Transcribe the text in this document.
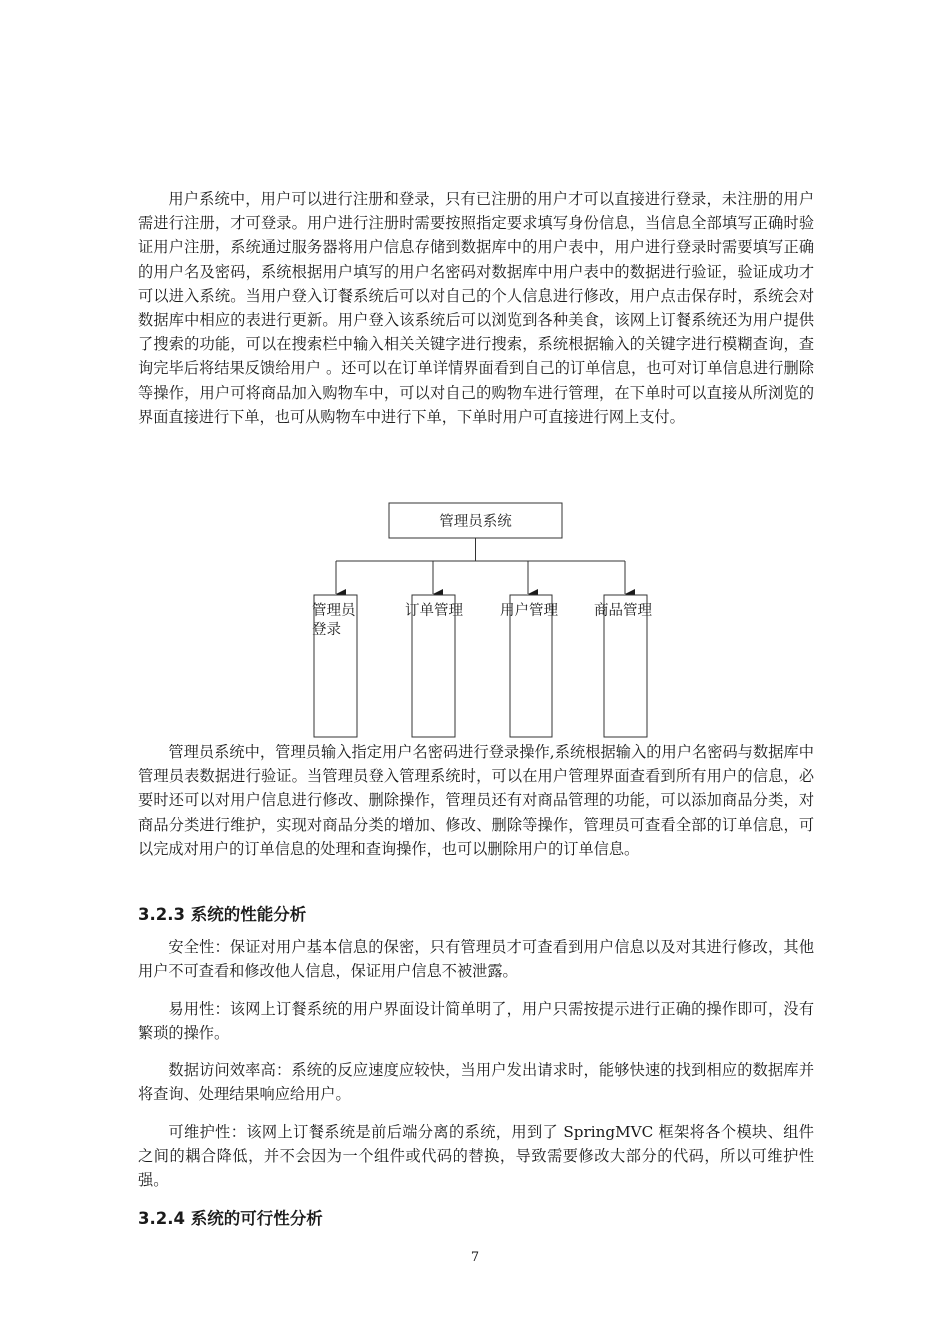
用户系统中，用户可以进行注册和登录，只有已注册的用户才可以直接进行登录，未注册的用户需进行注册，才可登录。用户进行注册时需要按照指定要求填写身份信息，当信息全部填写正确时验证用户注册，系统通过服务器将用户信息存储到数据库中的用户表中，用户进行登录时需要填写正确的用户名及密码，系统根据用户填写的用户名密码对数据库中用户表中的数据进行验证，验证成功才可以进入系统。当用户登入订餐系统后可以对自己的个人信息进行修改，用户点击保存时，系统会对数据库中相应的表进行更新。用户登入该系统后可以浏览到各种美食，该网上订餐系统还为用户提供了搜索的功能，可以在搜索栏中输入相关关键字进行搜索，系统根据输入的关键字进行模糊查询，查询完毕后将结果反馈给用户 。还可以在订单详情界面看到自己的订单信息，也可对订单信息进行删除等操作，用户可将商品加入购物车中，可以对自己的购物车进行管理，在下单时可以直接从所浏览的界面直接进行下单，也可从购物车中进行下单，下单时用户可直接进行网上支付。

管理员系统
管理员
登录
订单管理	用户管理 商品管理

管理员系统中，管理员输入指定用户名密码进行登录操作,系统根据输入的用户名密码与数据库中管理员表数据进行验证。当管理员登入管理系统时，可以在用户管理界面查看到所有用户的信息，必要时还可以对用户信息进行修改、删除操作，管理员还有对商品管理的功能，可以添加商品分类，对商品分类进行维护，实现对商品分类的增加、修改、删除等操作，管理员可查看全部的订单信息，可以完成对用户的订单信息的处理和查询操作，也可以删除用户的订单信息。

3.2.3 系统的性能分析

安全性：保证对用户基本信息的保密，只有管理员才可查看到用户信息以及对其进行修改，其他用户不可查看和修改他人信息，保证用户信息不被泄露。

易用性：该网上订餐系统的用户界面设计简单明了，用户只需按提示进行正确的操作即可，没有繁琐的操作。

数据访问效率高：系统的反应速度应较快，当用户发出请求时，能够快速的找到相应的数据库并将查询、处理结果响应给用户。

可维护性：该网上订餐系统是前后端分离的系统，用到了 SpringMVC 框架将各个模块、组件之间的耦合降低，并不会因为一个组件或代码的替换，导致需要修改大部分的代码，所以可维护性强。

3.2.4 系统的可行性分析
7
